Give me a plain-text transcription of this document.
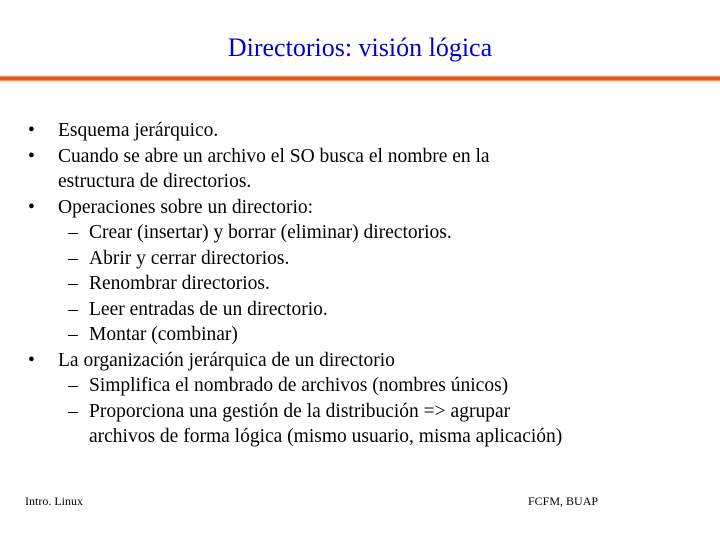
Directorios: visión lógica
• Esquema jerárquico.
• Cuando se abre un archivo el SO busca el nombre en la
estructura de directorios.
• Operaciones sobre un directorio:
– Crear (insertar) y borrar (eliminar) directorios.
– Abrir y cerrar directorios.
– Renombrar directorios.
– Leer entradas de un directorio.
– Montar (combinar)
• La organización jerárquica de un directorio
– Simplifica el nombrado de archivos (nombres únicos)
– Proporciona una gestión de la distribución => agrupar
archivos de forma lógica (mismo usuario, misma aplicación)
Intro. Linux	FCFM, BUAP
